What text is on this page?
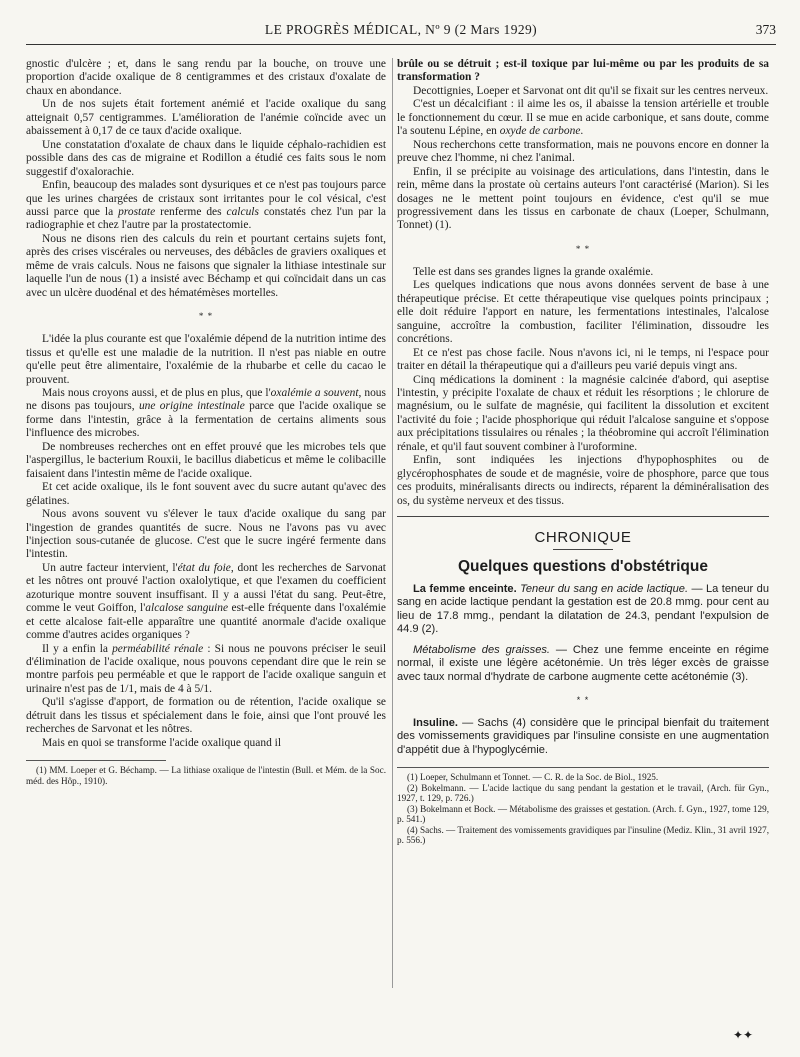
LE PROGRÈS MÉDICAL, Nº 9 (2 Mars 1929)	373

gnostic d'ulcère ; et, dans le sang rendu par la bouche, on trouve une proportion d'acide oxalique de 8 centigrammes et des cristaux d'oxalate de chaux en abondance.

Un de nos sujets était fortement anémié et l'acide oxalique du sang atteignait 0,57 centigrammes. L'amélioration de l'anémie coïncide avec un abaissement à 0,17 de ce taux d'acide oxalique.

Une constatation d'oxalate de chaux dans le liquide céphalo-rachidien est possible dans des cas de migraine et Rodillon a étudié ces faits sous le nom suggestif d'oxalorachie.

Enfin, beaucoup des malades sont dysuriques et ce n'est pas toujours parce que les urines chargées de cristaux sont irritantes pour le col vésical, c'est aussi parce que la prostate renferme des calculs constatés chez l'un par la radiographie et chez l'autre par la prostatectomie.

Nous ne disons rien des calculs du rein et pourtant certains sujets font, après des crises viscérales ou nerveuses, des débâcles de graviers oxaliques et même de vrais calculs. Nous ne faisons que signaler la lithiase intestinale sur laquelle l'un de nous (1) a insisté avec Béchamp et qui coïncidait dans un cas avec un ulcère duodénal et des hématémèses mortelles.

* *

L'idée la plus courante est que l'oxalémie dépend de la nutrition intime des tissus et qu'elle est une maladie de la nutrition. Il n'est pas niable en outre qu'elle peut être alimentaire, l'oxalémie de la rhubarbe et celle du cacao le prouvent.

Mais nous croyons aussi, et de plus en plus, que l'oxalémie a souvent, nous ne disons pas toujours, une origine intestinale parce que l'acide oxalique se forme dans l'intestin, grâce à la fermentation de certains aliments sous l'influence des microbes.

De nombreuses recherches ont en effet prouvé que les microbes tels que l'aspergillus, le bacterium Rouxii, le bacillus diabeticus et même le colibacille faisaient dans l'intestin même de l'acide oxalique.

Et cet acide oxalique, ils le font souvent avec du sucre autant qu'avec des gélatines.

Nous avons souvent vu s'élever le taux d'acide oxalique du sang par l'ingestion de grandes quantités de sucre. Nous ne l'avons pas vu avec l'injection sous-cutanée de glucose. C'est que le sucre ingéré fermente dans l'intestin.

Un autre facteur intervient, l'état du foie, dont les recherches de Sarvonat et les nôtres ont prouvé l'action oxalolytique, et que l'examen du coefficient azoturique montre souvent insuffisant. Il y a aussi l'état du sang. Peut-être, comme le veut Goiffon, l'alcalose sanguine est-elle fréquente dans l'oxalémie et cette alcalose fait-elle apparaître une quantité anormale d'acide oxalique comme d'autres acides organiques ?

Il y a enfin la perméabilité rénale : Si nous ne pouvons préciser le seuil d'élimination de l'acide oxalique, nous pouvons cependant dire que le rein se montre parfois peu perméable et que le rapport de l'acide oxalique sanguin et urinaire n'est pas de 1/1, mais de 4 à 5/1.

Qu'il s'agisse d'apport, de formation ou de rétention, l'acide oxalique se détruit dans les tissus et spécialement dans le foie, ainsi que l'ont prouvé les recherches de Sarvonat et les nôtres.

Mais en quoi se transforme l'acide oxalique quand il

(1) MM. Loeper et G. Béchamp. — La lithiase oxalique de l'intestin (Bull. et Mém. de la Soc. méd. des Hôp., 1910).

brûle ou se détruit ; est-il toxique par lui-même ou par les produits de sa transformation ?

Decottignies, Loeper et Sarvonat ont dit qu'il se fixait sur les centres nerveux.

C'est un décalcifiant : il aime les os, il abaisse la tension artérielle et trouble le fonctionnement du cœur. Il se mue en acide carbonique, et sans doute, comme l'a soutenu Lépine, en oxyde de carbone.

Nous recherchons cette transformation, mais ne pouvons encore en donner la preuve chez l'homme, ni chez l'animal.

Enfin, il se précipite au voisinage des articulations, dans l'intestin, dans le rein, même dans la prostate où certains auteurs l'ont caractérisé (Marion). Si les dosages ne le mettent point toujours en évidence, c'est qu'il se mue progressivement dans les tissus en carbonate de chaux (Loeper, Schulmann, Tonnet) (1).

* *

Telle est dans ses grandes lignes la grande oxalémie.

Les quelques indications que nous avons données servent de base à une thérapeutique précise. Et cette thérapeutique vise quelques points principaux ; elle doit réduire l'apport en nature, les fermentations intestinales, l'alcalose sanguine, accroître la combustion, faciliter l'élimination, dissoudre les concrétions.

Et ce n'est pas chose facile. Nous n'avons ici, ni le temps, ni l'espace pour traiter en détail la thérapeutique qui a d'ailleurs peu varié depuis vingt ans.

Cinq médications la dominent : la magnésie calcinée d'abord, qui aseptise l'intestin, y précipite l'oxalate de chaux et réduit les résorptions ; le chlorure de magnésium, ou le sulfate de magnésie, qui facilitent la dissolution et excitent l'activité du foie ; l'acide phosphorique qui réduit l'alcalose sanguine et s'oppose aux précipitations tissulaires ou rénales ; la théobromine qui accroît l'élimination rénale, et qu'il faut souvent combiner à l'uroformine.

Enfin, sont indiquées les injections d'hypophosphites ou de glycérophosphates de soude et de magnésie, voire de phosphore, parce que tous ces produits, minéralisants directs ou indirects, réparent la déminéralisation des os, du système nerveux et des tissus.

CHRONIQUE
Quelques questions d'obstétrique

La femme enceinte. Teneur du sang en acide lactique. — La teneur du sang en acide lactique pendant la gestation est de 20.8 mmg. pour cent au lieu de 17.8 mmg., pendant la dilatation de 24.3, pendant l'expulsion de 44.9 (2).

Métabolisme des graisses. — Chez une femme enceinte en régime normal, il existe une légère acétonémie. Un très léger excès de graisse avec taux normal d'hydrate de carbone augmente cette acétonémie (3).

* *

Insuline. — Sachs (4) considère que le principal bienfait du traitement des vomissements gravidiques par l'insuline consiste en une augmentation d'appétit due à l'hypoglycémie.

(1) Loeper, Schulmann et Tonnet. — C. R. de la Soc. de Biol., 1925.

(2) Bokelmann. — L'acide lactique du sang pendant la gestation et le travail, (Arch. für Gyn., 1927, t. 129, p. 726.)

(3) Bokelmann et Bock. — Métabolisme des graisses et gestation. (Arch. f. Gyn., 1927, tome 129, p. 541.)

(4) Sachs. — Traitement des vomissements gravidiques par l'insuline (Mediz. Klin., 31 avril 1927, p. 556.)

✦✦
